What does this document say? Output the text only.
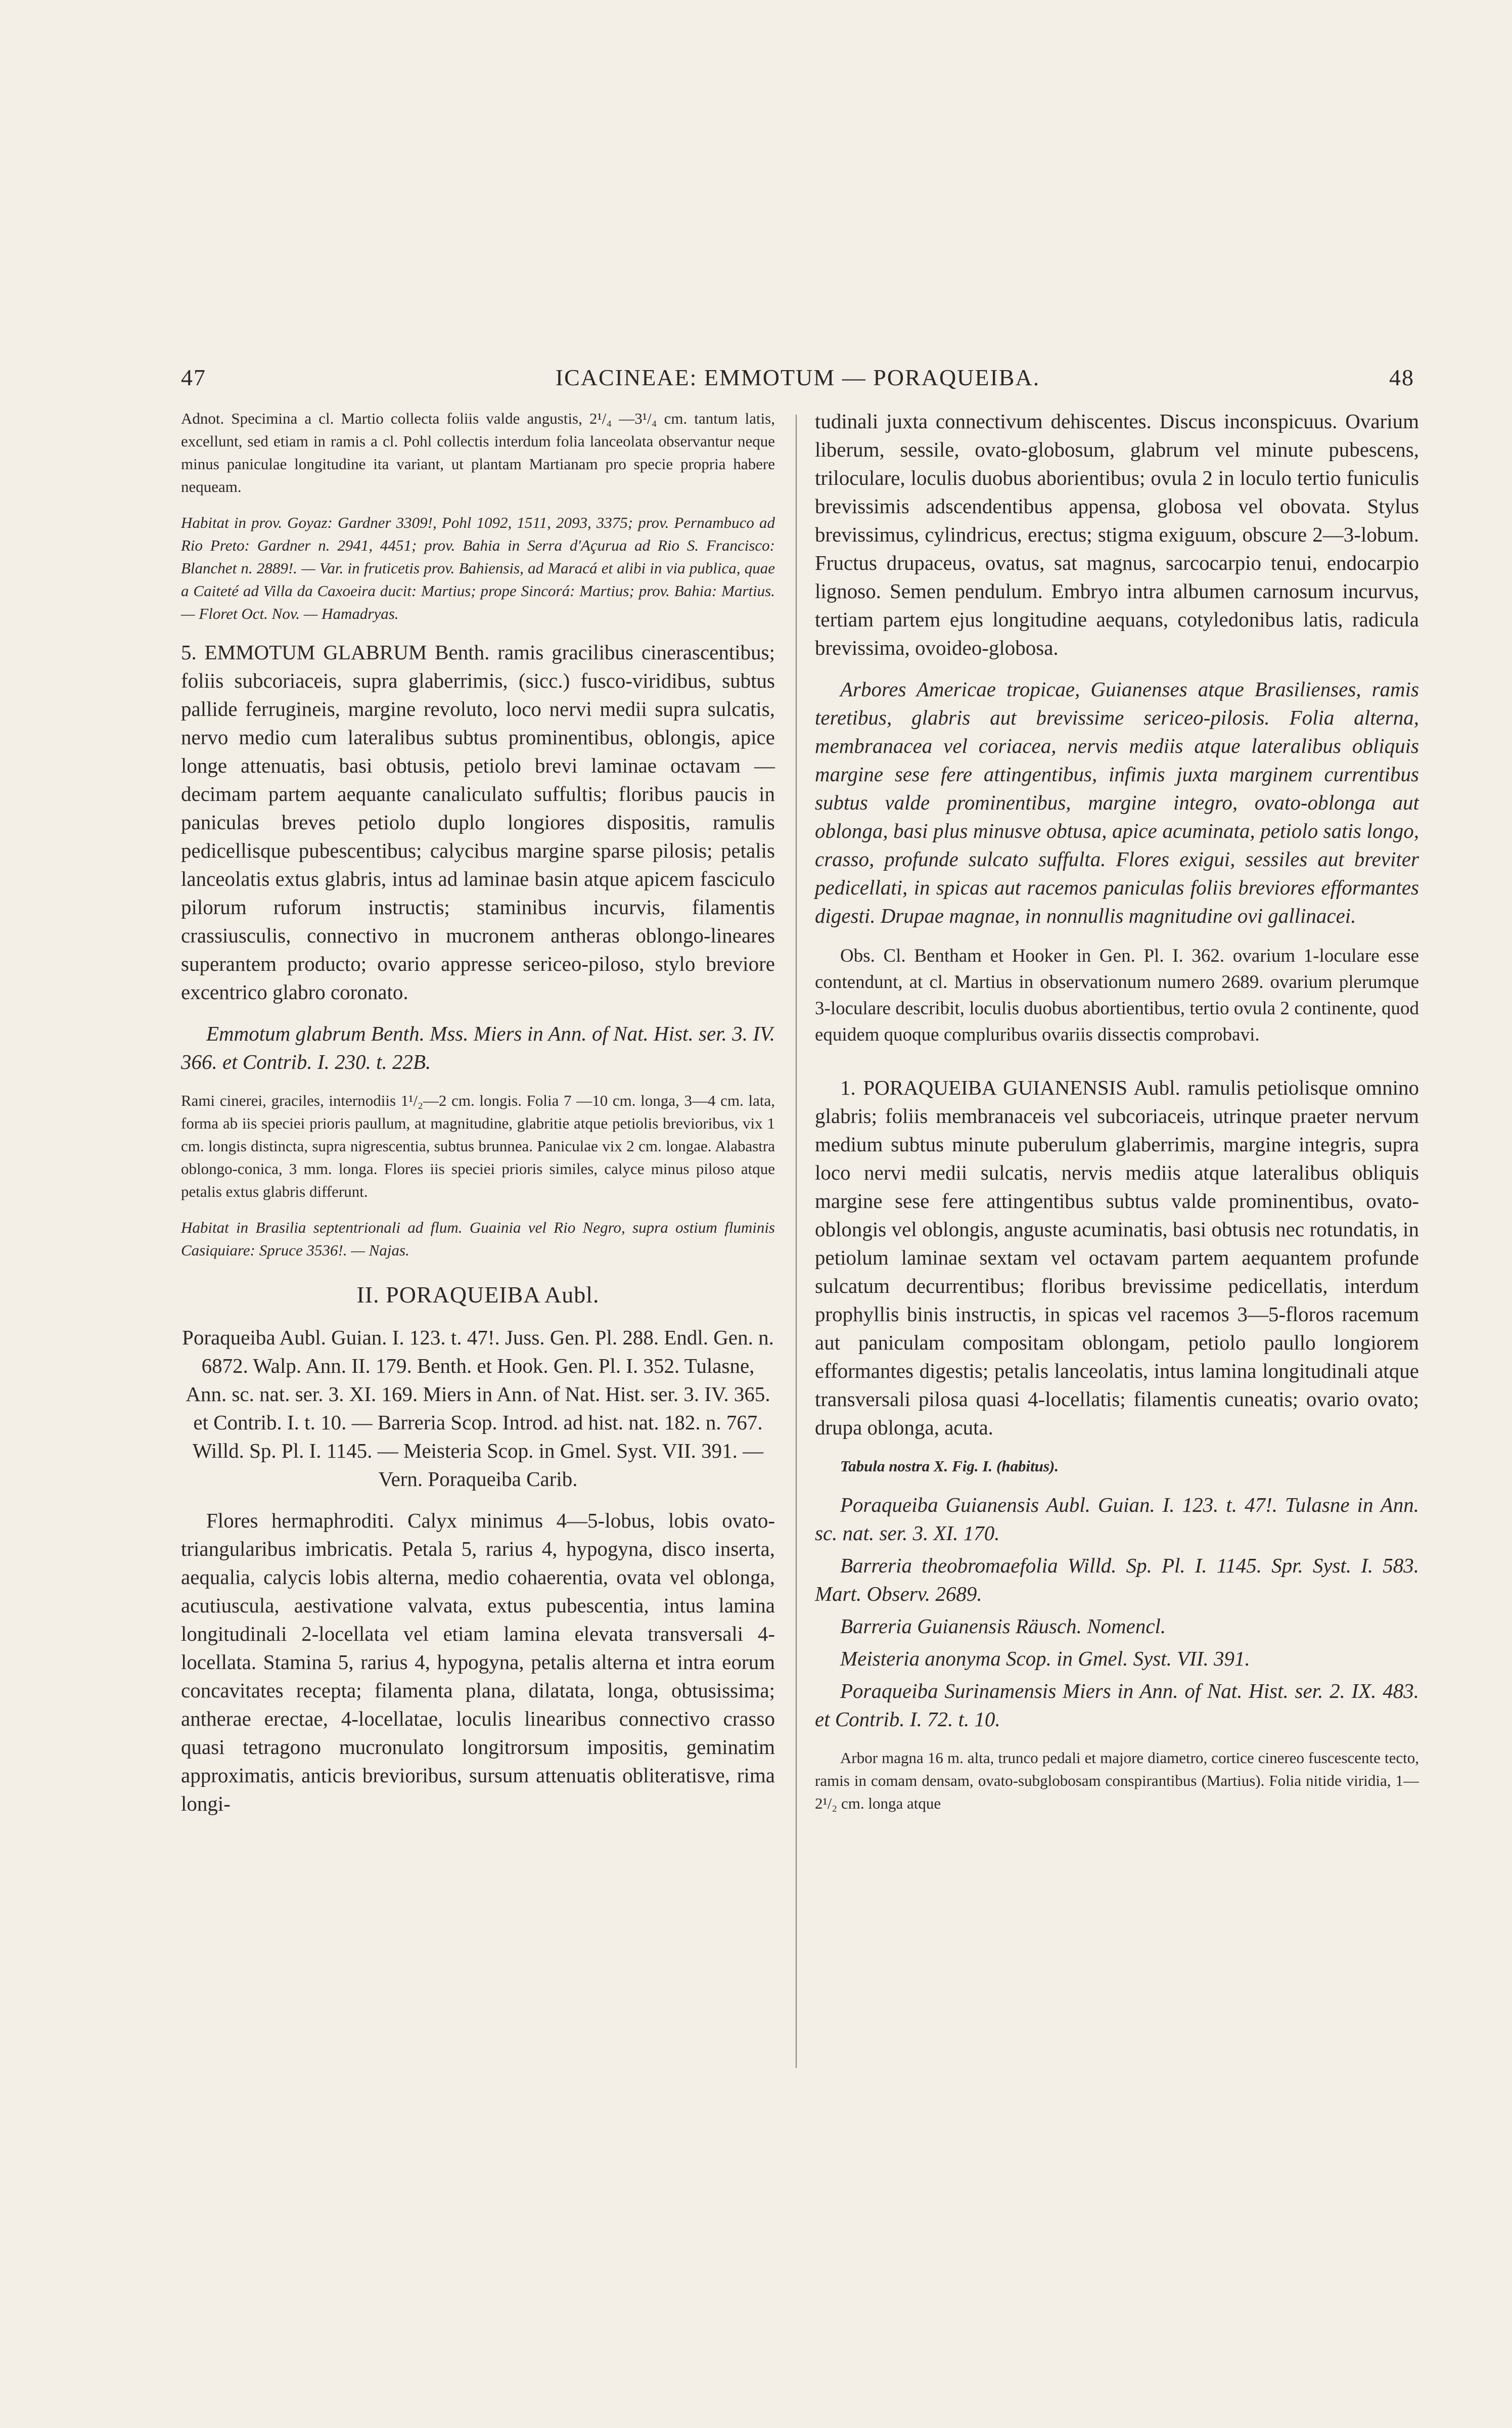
47	ICACINEAE: EMMOTUM — PORAQUEIBA.	48

Adnot. Specimina a cl. Martio collecta foliis valde angustis, 2¹/₄ —3¹/₄ cm. tantum latis, excellunt, sed etiam in ramis a cl. Pohl collectis interdum folia lanceolata observantur neque minus paniculae longitudine ita variant, ut plantam Martianam pro specie propria habere nequeam.

Habitat in prov. Goyaz: Gardner 3309!, Pohl 1092, 1511, 2093, 3375; prov. Pernambuco ad Rio Preto: Gardner n. 2941, 4451; prov. Bahia in Serra d'Açurua ad Rio S. Francisco: Blanchet n. 2889!. — Var. in fruticetis prov. Bahiensis, ad Maracá et alibi in via publica, quae a Caiteté ad Villa da Caxoeira ducit: Martius; prope Sincorá: Martius; prov. Bahia: Martius. — Floret Oct. Nov. — Hamadryas.

5. EMMOTUM GLABRUM Benth. ramis gracilibus cinerascentibus; foliis subcoriaceis, supra glaberrimis, (sicc.) fusco-viridibus, subtus pallide ferrugineis, margine revoluto, loco nervi medii supra sulcatis, nervo medio cum lateralibus subtus prominentibus, oblongis, apice longe attenuatis, basi obtusis, petiolo brevi laminae octavam — decimam partem aequante canaliculato suffultis; floribus paucis in paniculas breves petiolo duplo longiores dispositis, ramulis pedicellisque pubescentibus; calycibus margine sparse pilosis; petalis lanceolatis extus glabris, intus ad laminae basin atque apicem fasciculo pilorum ruforum instructis; staminibus incurvis, filamentis crassiusculis, connectivo in mucronem antheras oblongo-lineares superantem producto; ovario appresse sericeo-piloso, stylo breviore excentrico glabro coronato.

Emmotum glabrum Benth. Mss. Miers in Ann. of Nat. Hist. ser. 3. IV. 366. et Contrib. I. 230. t. 22B.

Rami cinerei, graciles, internodiis 1¹/₂—2 cm. longis. Folia 7 —10 cm. longa, 3—4 cm. lata, forma ab iis speciei prioris paullum, at magnitudine, glabritie atque petiolis brevioribus, vix 1 cm. longis distincta, supra nigrescentia, subtus brunnea. Paniculae vix 2 cm. longae. Alabastra oblongo-conica, 3 mm. longa. Flores iis speciei prioris similes, calyce minus piloso atque petalis extus glabris differunt.

Habitat in Brasilia septentrionali ad flum. Guainia vel Rio Negro, supra ostium fluminis Casiquiare: Spruce 3536!. — Najas.

II. PORAQUEIBA Aubl.

Poraqueiba Aubl. Guian. I. 123. t. 47!. Juss. Gen. Pl. 288. Endl. Gen. n. 6872. Walp. Ann. II. 179. Benth. et Hook. Gen. Pl. I. 352. Tulasne, Ann. sc. nat. ser. 3. XI. 169. Miers in Ann. of Nat. Hist. ser. 3. IV. 365. et Contrib. I. t. 10. — Barreria Scop. Introd. ad hist. nat. 182. n. 767. Willd. Sp. Pl. I. 1145. — Meisteria Scop. in Gmel. Syst. VII. 391. — Vern. Poraqueiba Carib.

Flores hermaphroditi. Calyx minimus 4—5-lobus, lobis ovato-triangularibus imbricatis. Petala 5, rarius 4, hypogyna, disco inserta, aequalia, calycis lobis alterna, medio cohaerentia, ovata vel oblonga, acutiuscula, aestivatione valvata, extus pubescentia, intus lamina longitudinali 2-locellata vel etiam lamina elevata transversali 4-locellata. Stamina 5, rarius 4, hypogyna, petalis alterna et intra eorum concavitates recepta; filamenta plana, dilatata, longa, obtusissima; antherae erectae, 4-locellatae, loculis linearibus connectivo crasso quasi tetragono mucronulato longitrorsum impositis, geminatim approximatis, anticis brevioribus, sursum attenuatis obliteratisve, rima longi-

tudinali juxta connectivum dehiscentes. Discus inconspicuus. Ovarium liberum, sessile, ovato-globosum, glabrum vel minute pubescens, triloculare, loculis duobus aborientibus; ovula 2 in loculo tertio funiculis brevissimis adscendentibus appensa, globosa vel obovata. Stylus brevissimus, cylindricus, erectus; stigma exiguum, obscure 2—3-lobum. Fructus drupaceus, ovatus, sat magnus, sarcocarpio tenui, endocarpio lignoso. Semen pendulum. Embryo intra albumen carnosum incurvus, tertiam partem ejus longitudine aequans, cotyledonibus latis, radicula brevissima, ovoideo-globosa.

Arbores Americae tropicae, Guianenses atque Brasilienses, ramis teretibus, glabris aut brevissime sericeo-pilosis. Folia alterna, membranacea vel coriacea, nervis mediis atque lateralibus obliquis margine sese fere attingentibus, infimis juxta marginem currentibus subtus valde prominentibus, margine integro, ovato-oblonga aut oblonga, basi plus minusve obtusa, apice acuminata, petiolo satis longo, crasso, profunde sulcato suffulta. Flores exigui, sessiles aut breviter pedicellati, in spicas aut racemos paniculas foliis breviores efformantes digesti. Drupae magnae, in nonnullis magnitudine ovi gallinacei.

Obs. Cl. Bentham et Hooker in Gen. Pl. I. 362. ovarium 1-loculare esse contendunt, at cl. Martius in observationum numero 2689. ovarium plerumque 3-loculare describit, loculis duobus abortientibus, tertio ovula 2 continente, quod equidem quoque compluribus ovariis dissectis comprobavi.

1. PORAQUEIBA GUIANENSIS Aubl. ramulis petiolisque omnino glabris; foliis membranaceis vel subcoriaceis, utrinque praeter nervum medium subtus minute puberulum glaberrimis, margine integris, supra loco nervi medii sulcatis, nervis mediis atque lateralibus obliquis margine sese fere attingentibus subtus valde prominentibus, ovato-oblongis vel oblongis, anguste acuminatis, basi obtusis nec rotundatis, in petiolum laminae sextam vel octavam partem aequantem profunde sulcatum decurrentibus; floribus brevissime pedicellatis, interdum prophyllis binis instructis, in spicas vel racemos 3—5-floros racemum aut paniculam compositam oblongam, petiolo paullo longiorem efformantes digestis; petalis lanceolatis, intus lamina longitudinali atque transversali pilosa quasi 4-locellatis; filamentis cuneatis; ovario ovato; drupa oblonga, acuta.

Tabula nostra X. Fig. I. (habitus).

Poraqueiba Guianensis Aubl. Guian. I. 123. t. 47!. Tulasne in Ann. sc. nat. ser. 3. XI. 170.

Barreria theobromaefolia Willd. Sp. Pl. I. 1145. Spr. Syst. I. 583. Mart. Observ. 2689.

Barreria Guianensis Räusch. Nomencl.

Meisteria anonyma Scop. in Gmel. Syst. VII. 391.

Poraqueiba Surinamensis Miers in Ann. of Nat. Hist. ser. 2. IX. 483. et Contrib. I. 72. t. 10.

Arbor magna 16 m. alta, trunco pedali et majore diametro, cortice cinereo fuscescente tecto, ramis in comam densam, ovato-subglobosam conspirantibus (Martius). Folia nitide viridia, 1—2¹/₂ cm. longa atque
